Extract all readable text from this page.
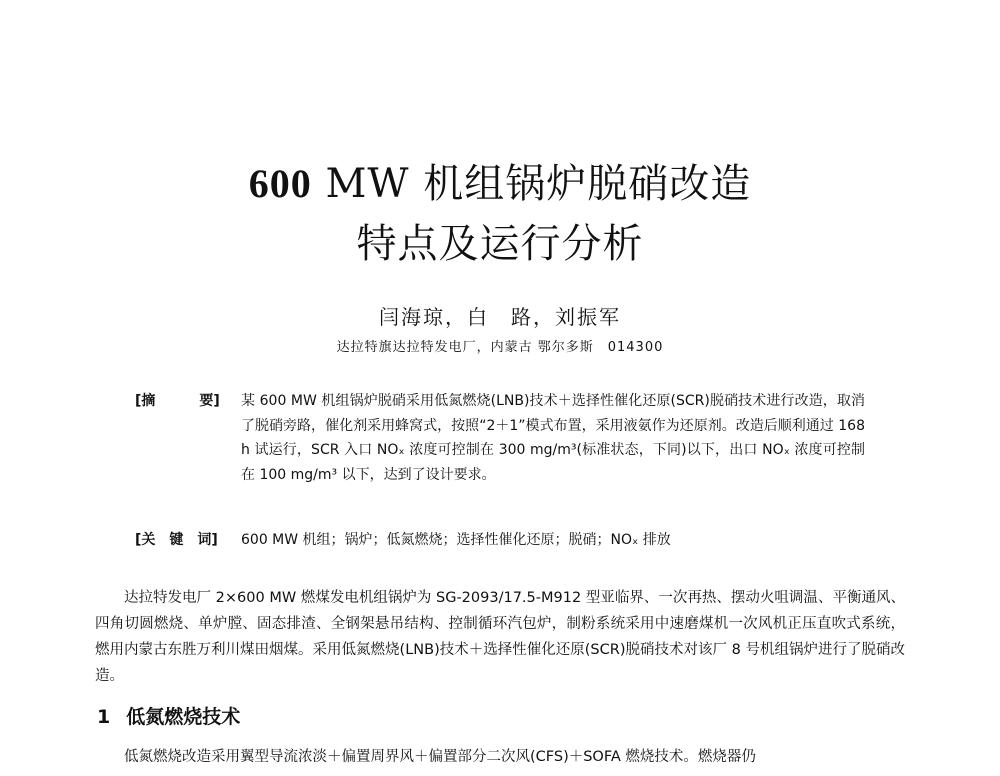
600 MW 机组锅炉脱硝改造
特点及运行分析
闫海琼，白　路，刘振军
达拉特旗达拉特发电厂，内蒙古 鄂尔多斯　014300
[摘	要]	某 600 MW 机组锅炉脱硝采用低氮燃烧(LNB)技术＋选择性催化还原(SCR)脱硝技术进行改造，取消了脱硝旁路，催化剂采用蜂窝式，按照“2＋1”模式布置，采用液氨作为还原剂。改造后顺利通过 168 h 试运行，SCR 入口 NOₓ 浓度可控制在 300 mg/m³(标准状态，下同)以下，出口 NOₓ 浓度可控制在 100 mg/m³ 以下，达到了设计要求。
[关　键　词] 600 MW 机组；锅炉；低氮燃烧；选择性催化还原；脱硝；NOₓ 排放
达拉特发电厂 2×600 MW 燃煤发电机组锅炉为 SG-2093/17.5-M912 型亚临界、一次再热、摆动火咀调温、平衡通风、四角切圆燃烧、单炉膛、固态排渣、全钢架悬吊结构、控制循环汽包炉，制粉系统采用中速磨煤机一次风机正压直吹式系统，燃用内蒙古东胜万利川煤田烟煤。采用低氮燃烧(LNB)技术＋选择性催化还原(SCR)脱硝技术对该厂 8 号机组锅炉进行了脱硝改造。
1 低氮燃烧技术
低氮燃烧改造采用翼型导流浓淡＋偏置周界风＋偏置部分二次风(CFS)＋SOFA 燃烧技术。燃烧器仍
